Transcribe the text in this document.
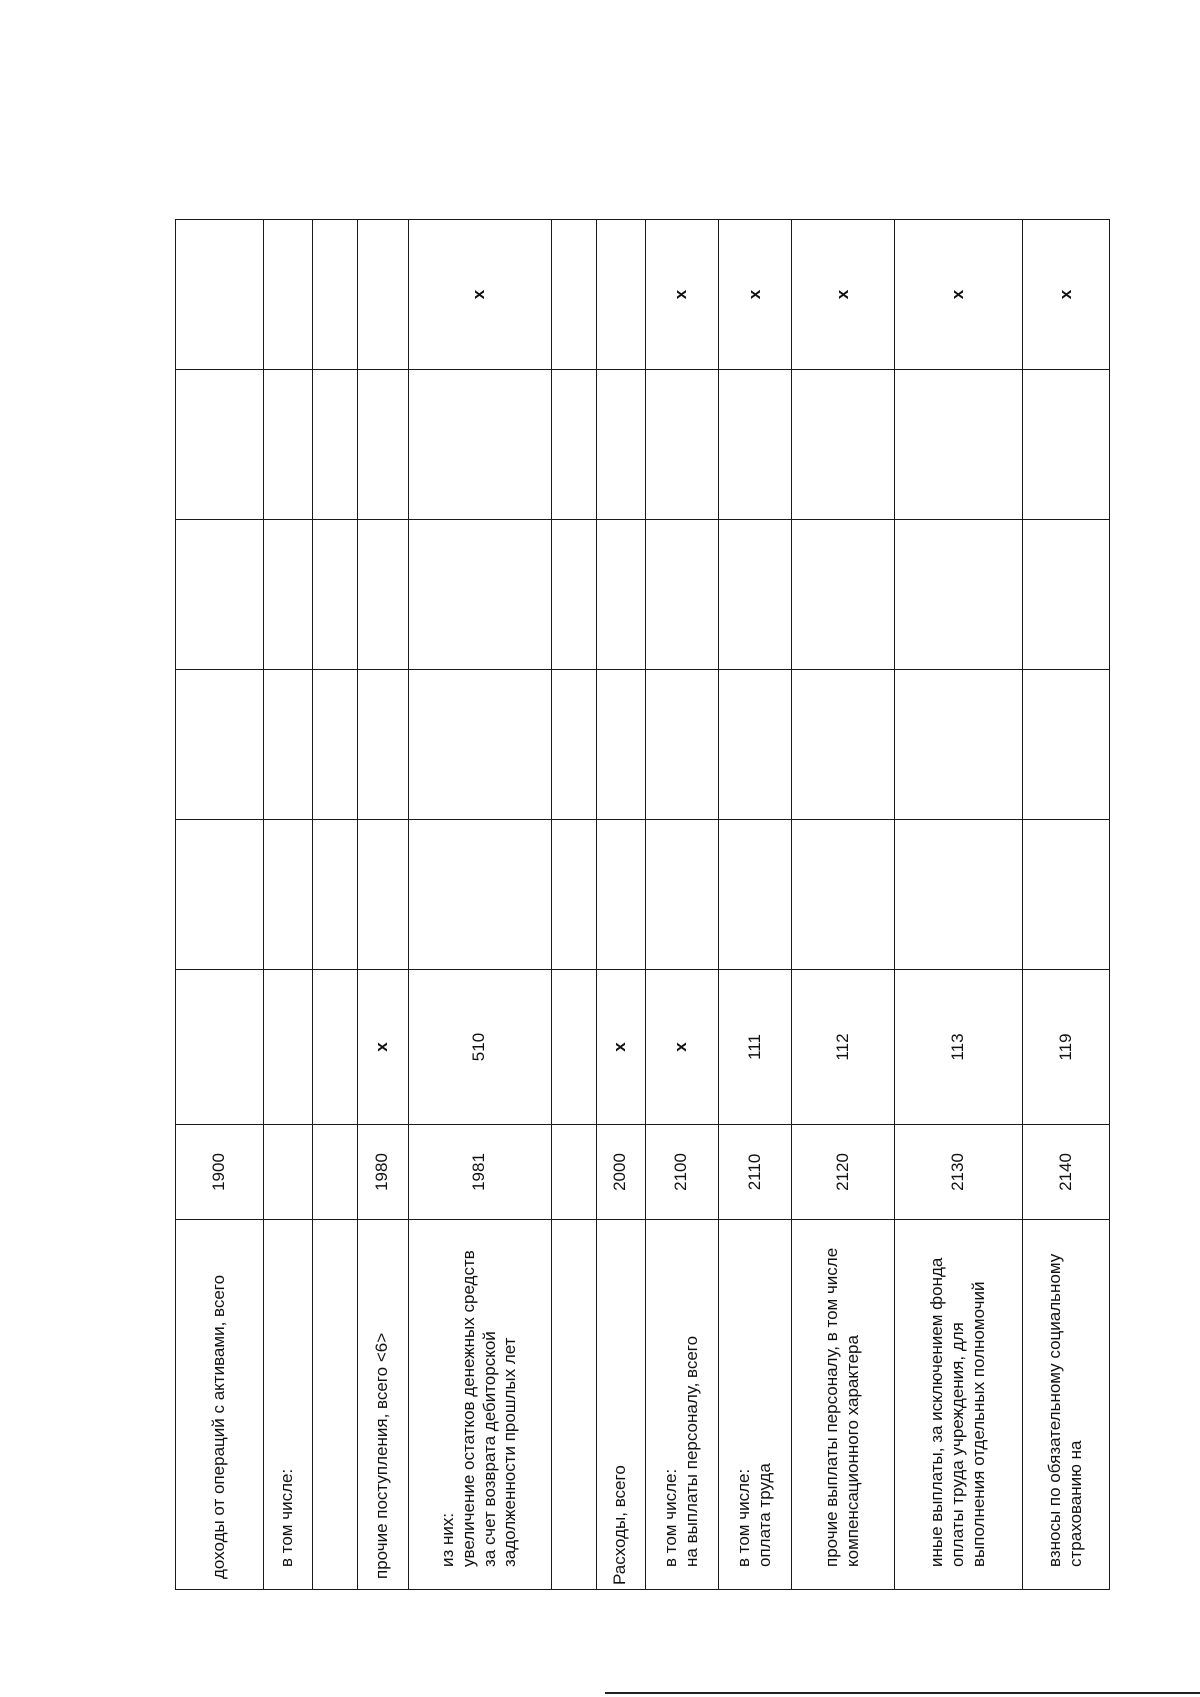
доходы от операций с активами, всего	1900						
в том числе:							

прочие поступления, всего <6>	1980	x					

из них: увеличение остатков денежных средств за счет возврата дебиторской задолженности прошлых лет	1981	510					x

Расходы, всего	2000	x					

в том числе: на выплаты персоналу, всего	2100	x					x

в том числе: оплата труда	2110	111					x
прочие выплаты персоналу, в том числе компенсационного характера	2120	112					x
иные выплаты, за исключением фонда оплаты труда учреждения, для выполнения отдельных полномочий	2130	113					x
взносы по обязательному социальному страхованию на	2140	119					x
